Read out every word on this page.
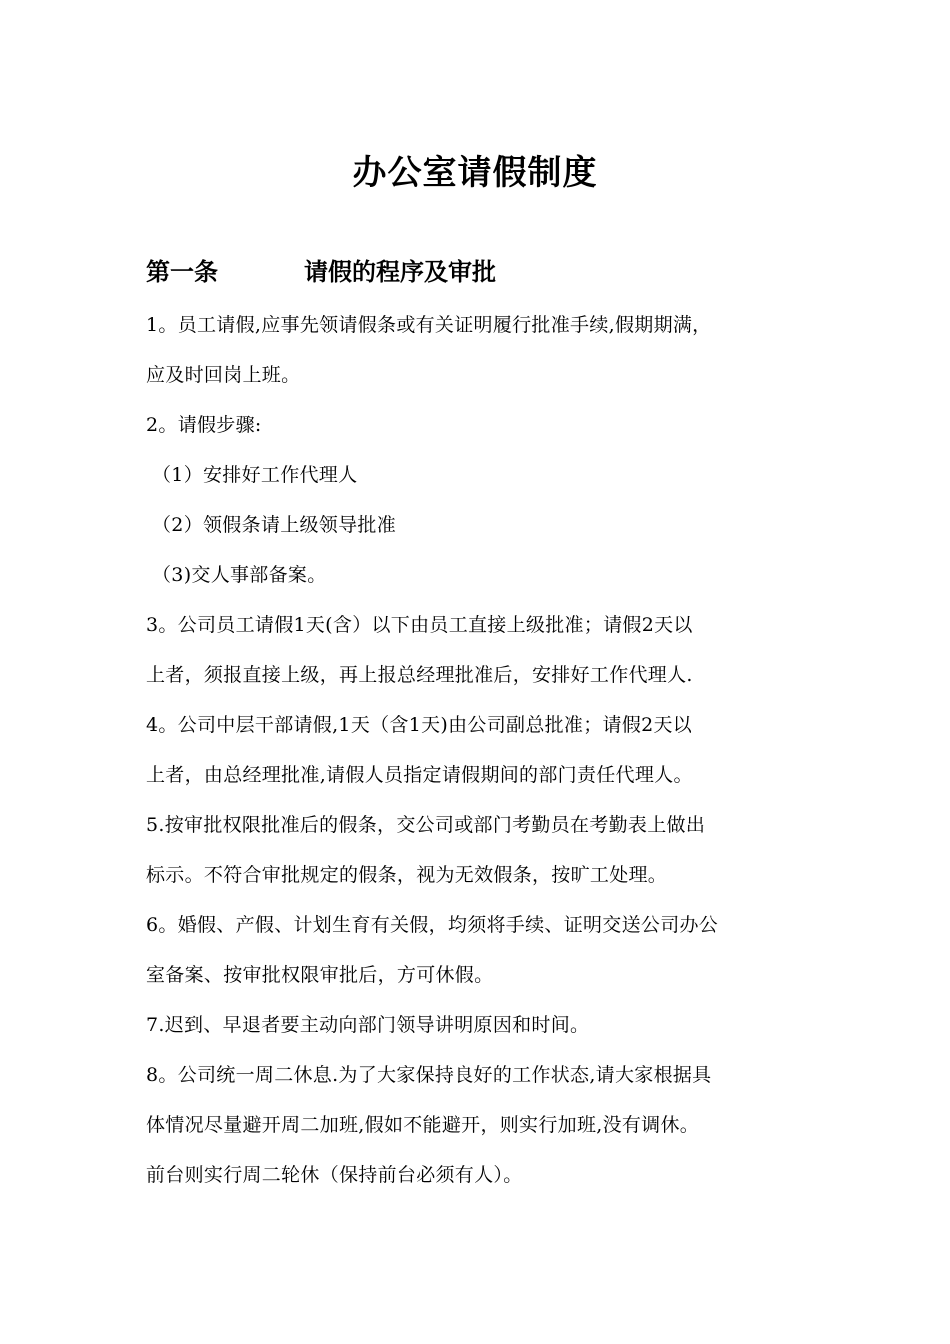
办公室请假制度
第一条	请假的程序及审批
1。员工请假,应事先领请假条或有关证明履行批准手续,假期期满，
应及时回岗上班。
2。请假步骤:
（1）安排好工作代理人
（2）领假条请上级领导批准
（3)交人事部备案。
3。公司员工请假1天(含）以下由员工直接上级批准；请假2天以
上者，须报直接上级，再上报总经理批准后，安排好工作代理人.
4。公司中层干部请假,1天（含1天)由公司副总批准；请假2天以
上者，由总经理批准,请假人员指定请假期间的部门责任代理人。
5.按审批权限批准后的假条，交公司或部门考勤员在考勤表上做出
标示。不符合审批规定的假条，视为无效假条，按旷工处理。
6。婚假、产假、计划生育有关假，均须将手续、证明交送公司办公
室备案、按审批权限审批后，方可休假。
7.迟到、早退者要主动向部门领导讲明原因和时间。
8。公司统一周二休息.为了大家保持良好的工作状态,请大家根据具
体情况尽量避开周二加班,假如不能避开，则实行加班,没有调休。
前台则实行周二轮休（保持前台必须有人）。
